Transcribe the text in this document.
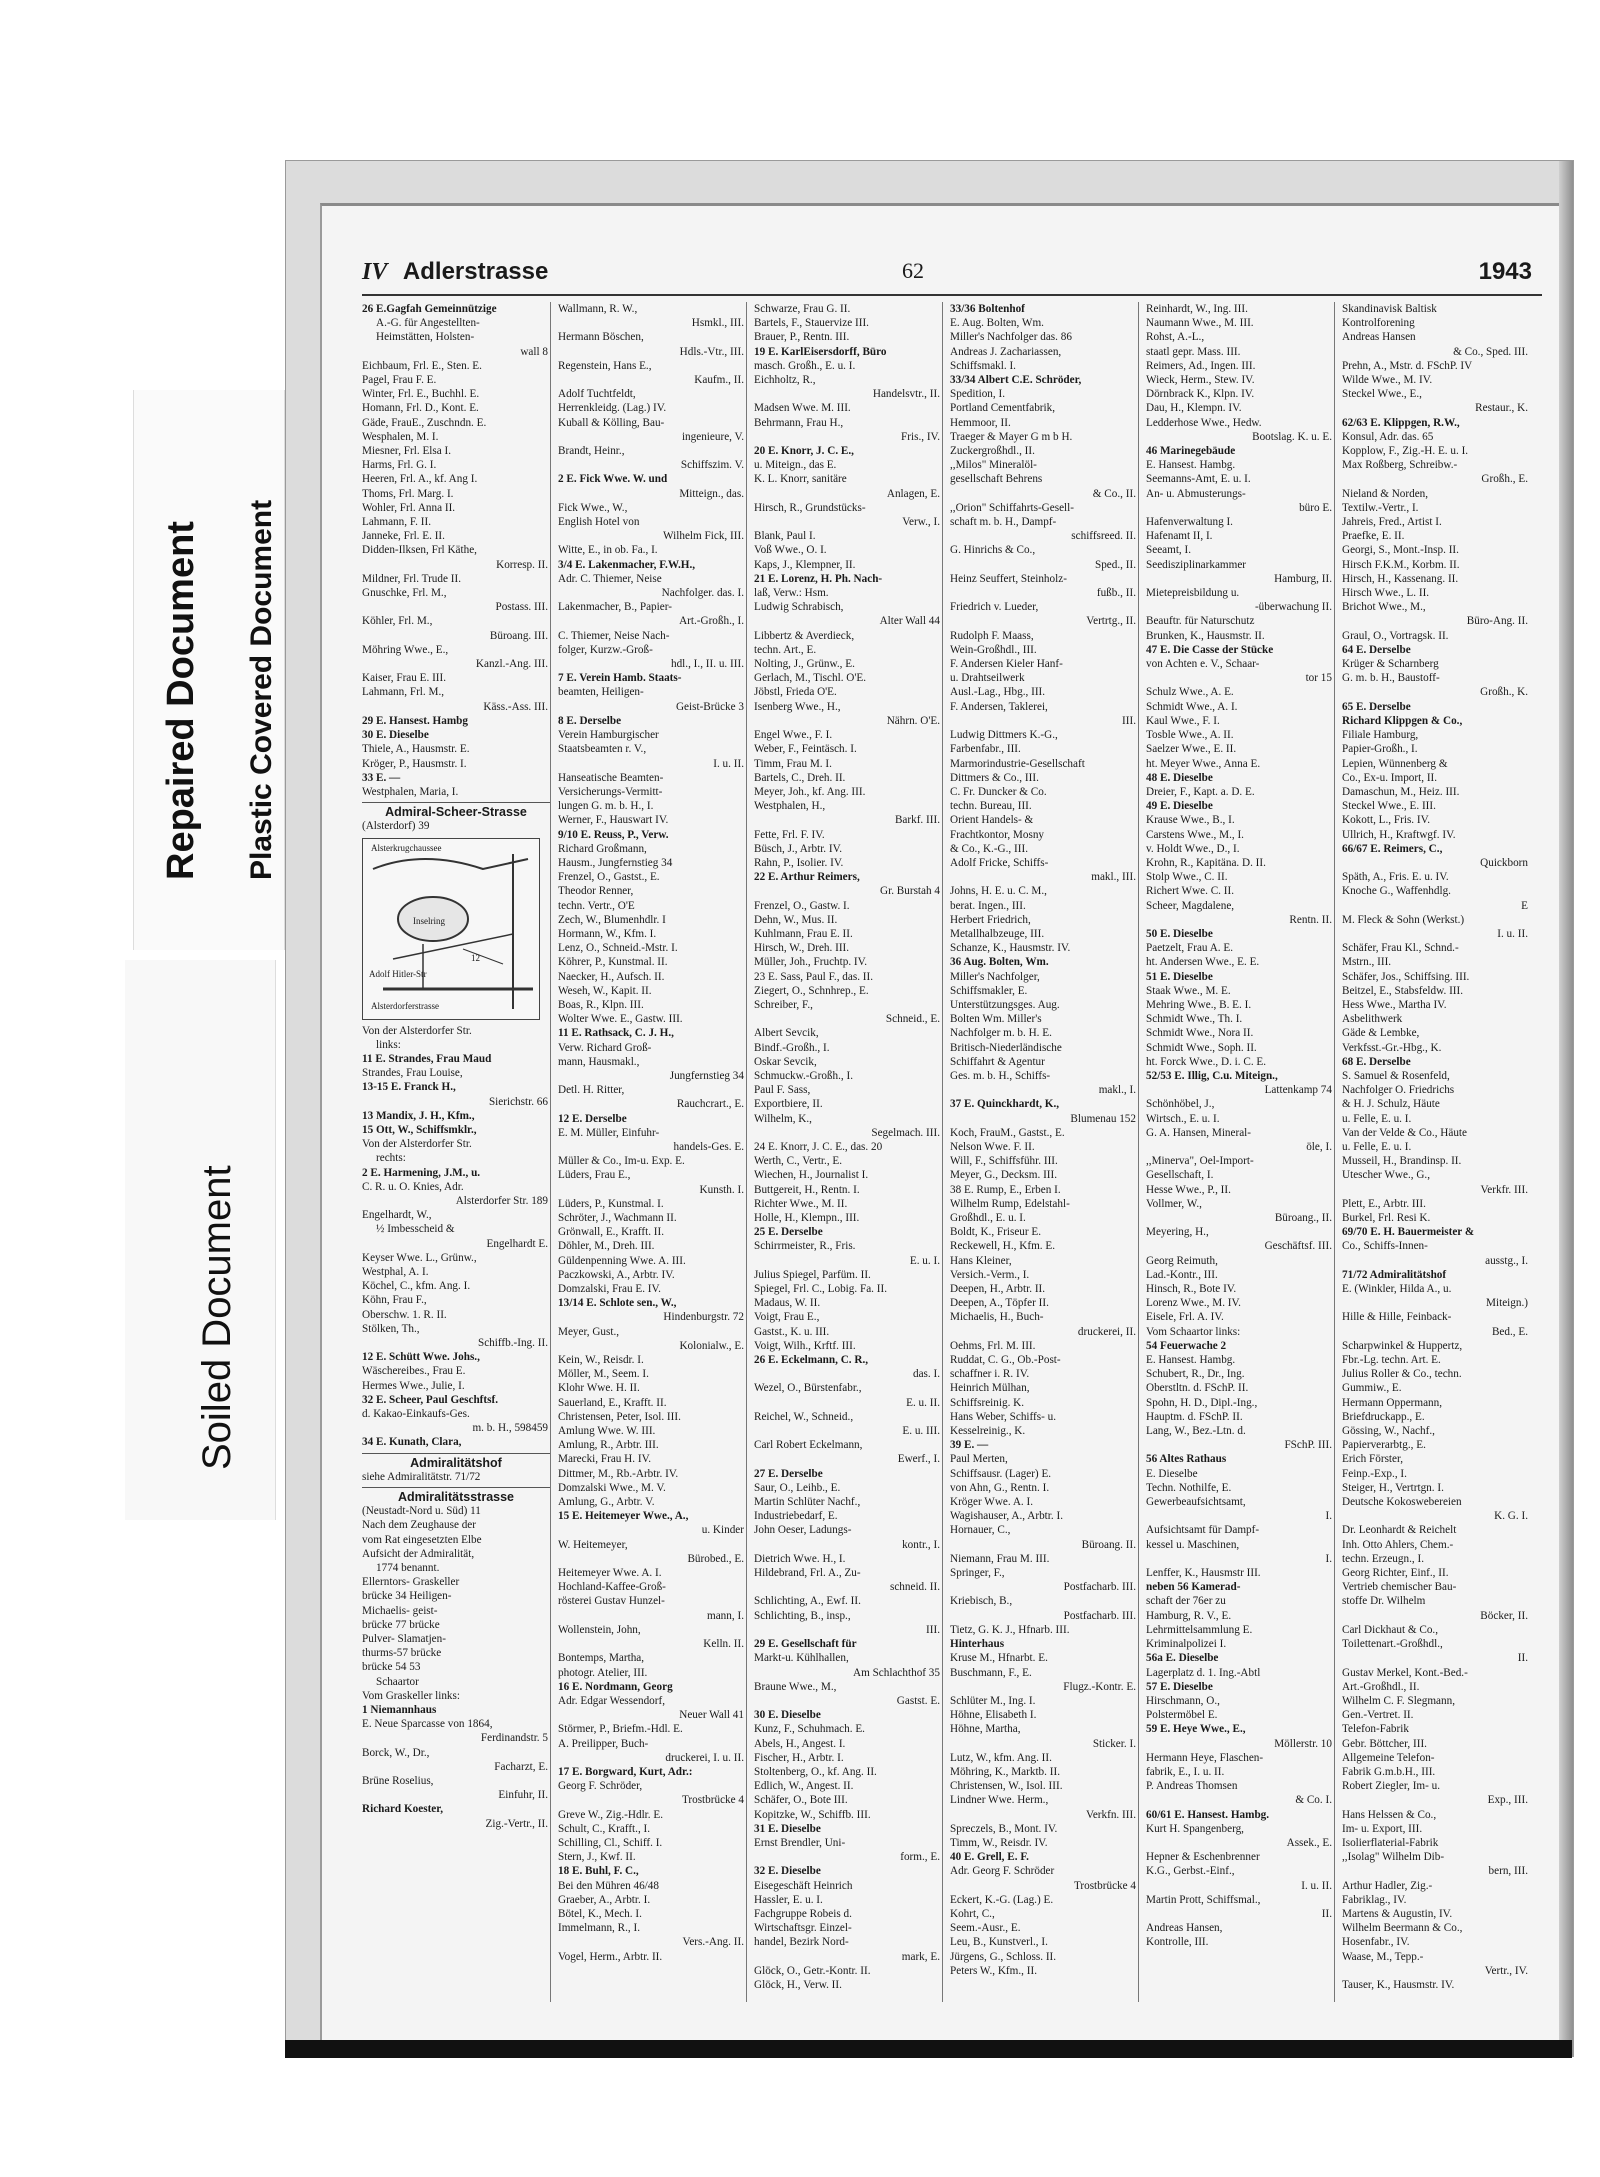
Repaired Document Plastic Covered Document
Soiled Document
IV Adlerstrasse	62	1943
26 E.Gagfah Gemeinnützige
A.-G. für Angestellten-
Heimstätten, Holsten-
wall 8
Eichbaum, Frl. E., Sten. E.
Pagel, Frau F. E.
Winter, Frl. E., Buchhl. E.
Homann, Frl. D., Kont. E.
Gäde, FrauE., Zuschndn. E.
Wesphalen, M. I.
Miesner, Frl. Elsa I.
Harms, Frl. G. I.
Heeren, Frl. A., kf. Ang I.
Thoms, Frl. Marg. I.
Wohler, Frl. Anna II.
Lahmann, F. II.
Janneke, Frl. E. II.
Didden-Ilksen, Frl Käthe,
Korresp. II.
Mildner, Frl. Trude II.
Gnuschke, Frl. M.,
Postass. III.
Köhler, Frl. M.,
Büroang. III.
Möhring Wwe., E.,
Kanzl.-Ang. III.
Kaiser, Frau E. III.
Lahmann, Frl. M.,
Käss.-Ass. III.
29 E. Hansest. Hambg
30 E. Dieselbe
Thiele, A., Hausmstr. E.
Kröger, P., Hausmstr. I.
33 E. —
Westphalen, Maria, I.
Admiral-Scheer-Strasse
(Alsterdorf) 39
Alsterkrugchaussee
Inselring
12
Adolf Hitler-Str
Alsterdorferstrasse
Von der Alsterdorfer Str.
links:
11 E. Strandes, Frau Maud
Strandes, Frau Louise,
13-15 E. Franck H.,
Sierichstr. 66
13 Mandix, J. H., Kfm.,
15 Ott, W., Schiffsmklr.,
Von der Alsterdorfer Str.
rechts:
2 E. Harmening, J.M., u.
C. R. u. O. Knies, Adr.
Alsterdorfer Str. 189
Engelhardt, W.,
½ Imbesscheid &
Engelhardt E.
Keyser Wwe. L., Grünw.,
Westphal, A. I.
Köchel, C., kfm. Ang. I.
Köhn, Frau F.,
Oberschw. 1. R. II.
Stölken, Th.,
Schiffb.-Ing. II.
12 E. Schütt Wwe. Johs.,
Wäschereibes., Frau E.
Hermes Wwe., Julie, I.
32 E. Scheer, Paul Geschftsf.
d. Kakao-Einkaufs-Ges.
m. b. H., 598459
34 E. Kunath, Clara,
Admiralitätshof
siehe Admiralitätstr. 71/72
Admiralitätsstrasse
(Neustadt-Nord u. Süd) 11
Nach dem Zeughause der
vom Rat eingesetzten Elbe
Aufsicht der Admiralität,
1774 benannt.
Ellerntors- Graskeller
brücke 34 Heiligen-
Michaelis- geist-
brücke 77 brücke
Pulver- Slamatjen-
thurms-57 brücke
brücke 54 53
Schaartor
Vom Graskeller links:
1 Niemannhaus
E. Neue Sparcasse von 1864,
Ferdinandstr. 5
Borck, W., Dr.,
Facharzt, E.
Brüne Roselius,
Einfuhr, II.
Richard Koester,
Zig.-Vertr., II.
Wallmann, R. W.,
Hsmkl., III.
Hermann Böschen,
Hdls.-Vtr., III.
Regenstein, Hans E.,
Kaufm., II.
Adolf Tuchtfeldt,
Herrenkleidg. (Lag.) IV.
Kuball & Kölling, Bau-
ingenieure, V.
Brandt, Heinr.,
Schiffszim. V.
2 E. Fick Wwe. W. und
Mitteign., das.
Fick Wwe., W.,
English Hotel von
Wilhelm Fick, III.
Witte, E., in ob. Fa., I.
3/4 E. Lakenmacher, F.W.H.,
Adr. C. Thiemer, Neise
Nachfolger. das. I.
Lakenmacher, B., Papier-
Art.-Großh., I.
C. Thiemer, Neise Nach-
folger, Kurzw.-Groß-
hdl., I., II. u. III.
7 E. Verein Hamb. Staats-
beamten, Heiligen-
Geist-Brücke 3
8 E. Derselbe
Verein Hamburgischer
Staatsbeamten r. V.,
I. u. II.
Hanseatische Beamten-
Versicherungs-Vermitt-
lungen G. m. b. H., I.
Werner, F., Hauswart IV.
9/10 E. Reuss, P., Verw.
Richard Großmann,
Hausm., Jungfernstieg 34
Frenzel, O., Gastst., E.
Theodor Renner,
techn. Vertr., O'E
Zech, W., Blumenhdlr. I
Hormann, W., Kfm. I.
Lenz, O., Schneid.-Mstr. I.
Köhrer, P., Kunstmal. II.
Naecker, H., Aufsch. II.
Weseh, W., Kapit. II.
Boas, R., Klpn. III.
Wolter Wwe. E., Gastw. III.
11 E. Rathsack, C. J. H.,
Verw. Richard Groß-
mann, Hausmakl.,
Jungfernstieg 34
Detl. H. Ritter,
Rauchcrart., E.
12 E. Derselbe
E. M. Müller, Einfuhr-
handels-Ges. E.
Müller & Co., Im-u. Exp. E.
Lüders, Frau E.,
Kunsth. I.
Lüders, P., Kunstmal. I.
Schröter, J., Wachmann II.
Grönwall, E., Krafft. II.
Döhler, M., Dreh. III.
Güldenpenning Wwe. A. III.
Paczkowski, A., Arbtr. IV.
Domzalski, Frau E. IV.
13/14 E. Schlote sen., W.,
Hindenburgstr. 72
Meyer, Gust.,
Kolonialw., E.
Kein, W., Reisdr. I.
Möller, M., Seem. I.
Klohr Wwe. H. II.
Sauerland, E., Krafft. II.
Christensen, Peter, Isol. III.
Amlung Wwe. W. III.
Amlung, R., Arbtr. III.
Marecki, Frau H. IV.
Dittmer, M., Rb.-Arbtr. IV.
Domzalski Wwe., M. V.
Amlung, G., Arbtr. V.
15 E. Heitemeyer Wwe., A.,
u. Kinder
W. Heitemeyer,
Bürobed., E.
Heitemeyer Wwe. A. I.
Hochland-Kaffee-Groß-
rösterei Gustav Hunzel-
mann, I.
Wollenstein, John,
Kelln. II.
Bontemps, Martha,
photogr. Atelier, III.
16 E. Nordmann, Georg
Adr. Edgar Wessendorf,
Neuer Wall 41
Störmer, P., Briefm.-Hdl. E.
A. Preilipper, Buch-
druckerei, I. u. II.
17 E. Borgward, Kurt, Adr.:
Georg F. Schröder,
Trostbrücke 4
Greve W., Zig.-Hdlr. E.
Schult, C., Krafft., I.
Schilling, Cl., Schiff. I.
Stern, J., Kwf. II.
18 E. Buhl, F. C.,
Bei den Mühren 46/48
Graeber, A., Arbtr. I.
Bötel, K., Mech. I.
Immelmann, R., I.
Vers.-Ang. II.
Vogel, Herm., Arbtr. II.
Schwarze, Frau G. II.
Bartels, F., Stauervize III.
Brauer, P., Rentn. III.
19 E. KarlEisersdorff, Büro
masch. Großh., E. u. I.
Eichholtz, R.,
Handelsvtr., II.
Madsen Wwe. M. III.
Behrmann, Frau H.,
Fris., IV.
20 E. Knorr, J. C. E.,
u. Miteign., das E.
K. L. Knorr, sanitäre
Anlagen, E.
Hirsch, R., Grundstücks-
Verw., I.
Blank, Paul I.
Voß Wwe., O. I.
Kaps, J., Klempner, II.
21 E. Lorenz, H. Ph. Nach-
laß, Verw.: Hsm.
Ludwig Schrabisch,
Alter Wall 44
Libbertz & Averdieck,
techn. Art., E.
Nolting, J., Grünw., E.
Gerlach, M., Tischl. O'E.
Jöbstl, Frieda O'E.
Isenberg Wwe., H.,
Nährn. O'E.
Engel Wwe., F. I.
Weber, F., Feintäsch. I.
Timm, Frau M. I.
Bartels, C., Dreh. II.
Meyer, Joh., kf. Ang. III.
Westphalen, H.,
Barkf. III.
Fette, Frl. F. IV.
Büsch, J., Arbtr. IV.
Rahn, P., Isolier. IV.
22 E. Arthur Reimers,
Gr. Burstah 4
Frenzel, O., Gastw. I.
Dehn, W., Mus. II.
Kuhlmann, Frau E. II.
Hirsch, W., Dreh. III.
Müller, Joh., Fruchtp. IV.
23 E. Sass, Paul F., das. II.
Ziegert, O., Schnhrep., E.
Schreiber, F.,
Schneid., E.
Albert Sevcik,
Bindf.-Großh., I.
Oskar Sevcik,
Schmuckw.-Großh., I.
Paul F. Sass,
Exportbiere, II.
Wilhelm, K.,
Segelmach. III.
24 E. Knorr, J. C. E., das. 20
Werth, C., Vertr., E.
Wiechen, H., Journalist I.
Buttgereit, H., Rentn. I.
Richter Wwe., M. II.
Holle, H., Klempn., III.
25 E. Derselbe
Schirrmeister, R., Fris.
E. u. I.
Julius Spiegel, Parfüm. II.
Spiegel, Frl. C., Lobig. Fa. II.
Madaus, W. II.
Voigt, Frau E.,
Gastst., K. u. III.
Voigt, Wilh., Krftf. III.
26 E. Eckelmann, C. R.,
das. I.
Wezel, O., Bürstenfabr.,
E. u. II.
Reichel, W., Schneid.,
E. u. III.
Carl Robert Eckelmann,
Ewerf., I.
27 E. Derselbe
Saur, O., Leihb., E.
Martin Schlüter Nachf.,
Industriebedarf, E.
John Oeser, Ladungs-
kontr., I.
Dietrich Wwe. H., I.
Hildebrand, Frl. A., Zu-
schneid. II.
Schlichting, A., Ewf. II.
Schlichting, B., insp.,
III.
29 E. Gesellschaft für
Markt-u. Kühlhallen,
Am Schlachthof 35
Braune Wwe., M.,
Gastst. E.
30 E. Dieselbe
Kunz, F., Schuhmach. E.
Abels, H., Angest. I.
Fischer, H., Arbtr. I.
Stoltenberg, O., kf. Ang. II.
Edlich, W., Angest. II.
Schäfer, O., Bote III.
Kopitzke, W., Schiffb. III.
31 E. Dieselbe
Ernst Brendler, Uni-
form., E.
32 E. Dieselbe
Eisegeschäft Heinrich
Hassler, E. u. I.
Fachgruppe Robeis d.
Wirtschaftsgr. Einzel-
handel, Bezirk Nord-
mark, E.
Glöck, O., Getr.-Kontr. II.
Glöck, H., Verw. II.
33/36 Boltenhof
E. Aug. Bolten, Wm.
Miller's Nachfolger das. 86
Andreas J. Zachariassen,
Schiffsmakl. I.
33/34 Albert C.E. Schröder,
Spedition, I.
Portland Cementfabrik,
Hemmoor, II.
Traeger & Mayer G m b H.
Zuckergroßhdl., II.
,,Milos" Mineralöl-
gesellschaft Behrens
& Co., II.
,,Orion" Schiffahrts-Gesell-
schaft m. b. H., Dampf-
schiffsreed. II.
G. Hinrichs & Co.,
Sped., II.
Heinz Seuffert, Steinholz-
fußb., II.
Friedrich v. Lueder,
Vertrtg., II.
Rudolph F. Maass,
Wein-Großhdl., III.
F. Andersen Kieler Hanf-
u. Drahtseilwerk
Ausl.-Lag., Hbg., III.
F. Andersen, Taklerei,
III.
Ludwig Dittmers K.-G.,
Farbenfabr., III.
Marmorindustrie-Gesellschaft
Dittmers & Co., III.
C. Fr. Duncker & Co.
techn. Bureau, III.
Orient Handels- &
Frachtkontor, Mosny
& Co., K.-G., III.
Adolf Fricke, Schiffs-
makl., III.
Johns, H. E. u. C. M.,
berat. Ingen., III.
Herbert Friedrich,
Metallhalbzeuge, III.
Schanze, K., Hausmstr. IV.
36 Aug. Bolten, Wm.
Miller's Nachfolger,
Schiffsmakler, E.
Unterstützungsges. Aug.
Bolten Wm. Miller's
Nachfolger m. b. H. E.
Britisch-Niederländische
Schiffahrt & Agentur
Ges. m. b. H., Schiffs-
makl., I.
37 E. Quinckhardt, K.,
Blumenau 152
Koch, FrauM., Gastst., E.
Nelson Wwe. F. II.
Will, F., Schiffsführ. III.
Meyer, G., Decksm. III.
38 E. Rump, E., Erben I.
Wilhelm Rump, Edelstahl-
Großhdl., E. u. I.
Boldt, K., Friseur E.
Reckewell, H., Kfm. E.
Hans Kleiner,
Versich.-Verm., I.
Deepen, H., Arbtr. II.
Deepen, A., Töpfer II.
Michaelis, H., Buch-
druckerei, II.
Oehms, Frl. M. III.
Ruddat, C. G., Ob.-Post-
schaffner i. R. IV.
Heinrich Mülhan,
Schiffsreinig. K.
Hans Weber, Schiffs- u.
Kesselreinig., K.
39 E. —
Paul Merten,
Schiffsausr. (Lager) E.
von Ahn, G., Rentn. I.
Kröger Wwe. A. I.
Wagishauser, A., Arbtr. I.
Hornauer, C.,
Büroang. II.
Niemann, Frau M. III.
Springer, F.,
Postfacharb. III.
Kriebisch, B.,
Postfacharb. III.
Tietz, G. K. J., Hfnarb. III.
Hinterhaus
Kruse M., Hfnarbt. E.
Buschmann, F., E.
Flugz.-Kontr. E.
Schlüter M., Ing. I.
Höhne, Elisabeth I.
Höhne, Martha,
Sticker. I.
Lutz, W., kfm. Ang. II.
Möhring, K., Marktb. II.
Christensen, W., Isol. III.
Lindner Wwe. Herm.,
Verkfn. III.
Spreczels, B., Mont. IV.
Timm, W., Reisdr. IV.
40 E. Grell, E. F.
Adr. Georg F. Schröder
Trostbrücke 4
Eckert, K.-G. (Lag.) E.
Kohrt, C.,
Seem.-Ausr., E.
Leu, B., Kunstverl., I.
Jürgens, G., Schloss. II.
Peters W., Kfm., II.
Reinhardt, W., Ing. III.
Naumann Wwe., M. III.
Rohst, A.-L.,
staatl gepr. Mass. III.
Reimers, Ad., Ingen. III.
Wieck, Herm., Stew. IV.
Dörnbrack K., Klpn. IV.
Dau, H., Klempn. IV.
Ledderhose Wwe., Hedw.
Bootslag. K. u. E.
46 Marinegebäude
E. Hansest. Hambg.
Seemanns-Amt, E. u. I.
An- u. Abmusterungs-
büro E.
Hafenverwaltung I.
Hafenamt II, I.
Seeamt, I.
Seedisziplinarkammer
Hamburg, II.
Mietepreisbildung u.
-überwachung II.
Beauftr. für Naturschutz
Brunken, K., Hausmstr. II.
47 E. Die Casse der Stücke
von Achten e. V., Schaar-
tor 15
Schulz Wwe., A. E.
Schmidt Wwe., A. I.
Kaul Wwe., F. I.
Tosble Wwe., A. II.
Saelzer Wwe., E. II.
ht. Meyer Wwe., Anna E.
48 E. Dieselbe
Dreier, F., Kapt. a. D. E.
49 E. Dieselbe
Krause Wwe., B., I.
Carstens Wwe., M., I.
v. Holdt Wwe., D., I.
Krohn, R., Kapitäna. D. II.
Stolp Wwe., C. II.
Richert Wwe. C. II.
Scheer, Magdalene,
Rentn. II.
50 E. Dieselbe
Paetzelt, Frau A. E.
ht. Andersen Wwe., E. E.
51 E. Dieselbe
Staak Wwe., M. E.
Mehring Wwe., B. E. I.
Schmidt Wwe., Th. I.
Schmidt Wwe., Nora II.
Schmidt Wwe., Soph. II.
ht. Forck Wwe., D. i. C. E.
52/53 E. Illig, C.u. Miteign.,
Lattenkamp 74
Schönhöbel, J.,
Wirtsch., E. u. I.
G. A. Hansen, Mineral-
öle, I.
,,Minerva", Oel-Import-
Gesellschaft, I.
Hesse Wwe., P., II.
Vollmer, W.,
Büroang., II.
Meyering, H.,
Geschäftsf. III.
Georg Reimuth,
Lad.-Kontr., III.
Hinsch, R., Bote IV.
Lorenz Wwe., M. IV.
Eisele, Frl. A. IV.
Vom Schaartor links:
54 Feuerwache 2
E. Hansest. Hambg.
Schubert, R., Dr., Ing.
Oberstltn. d. FSchP. II.
Spohn, H. D., Dipl.-Ing.,
Hauptm. d. FSchP. II.
Lang, W., Bez.-Ltn. d.
FSchP. III.
56 Altes Rathaus
E. Dieselbe
Techn. Nothilfe, E.
Gewerbeaufsichtsamt,
I.
Aufsichtsamt für Dampf-
kessel u. Maschinen,
I.
Lenffer, K., Hausmstr III.
neben 56 Kamerad-
schaft der 76er zu
Hamburg, R. V., E.
Lehrmittelsammlung E.
Kriminalpolizei I.
56a E. Dieselbe
Lagerplatz d. 1. Ing.-Abtl
57 E. Dieselbe
Hirschmann, O.,
Polstermöbel E.
59 E. Heye Wwe., E.,
Möllerstr. 10
Hermann Heye, Flaschen-
fabrik, E., I. u. II.
P. Andreas Thomsen
& Co. I.
60/61 E. Hansest. Hambg.
Kurt H. Spangenberg,
Assek., E.
Hepner & Eschenbrenner
K.G., Gerbst.-Einf.,
I. u. II.
Martin Prott, Schiffsmal.,
II.
Andreas Hansen,
Kontrolle, III.
Skandinavisk Baltisk
Kontrolforening
Andreas Hansen
& Co., Sped. III.
Prehn, A., Mstr. d. FSchP. IV
Wilde Wwe., M. IV.
Steckel Wwe., E.,
Restaur., K.
62/63 E. Klippgen, R.W.,
Konsul, Adr. das. 65
Kopplow, F., Zig.-H. E. u. I.
Max Roßberg, Schreibw.-
Großh., E.
Nieland & Norden,
Textilw.-Vertr., I.
Jahreis, Fred., Artist I.
Praefke, E. II.
Georgi, S., Mont.-Insp. II.
Hirsch F.K.M., Korbm. II.
Hirsch, H., Kassenang. II.
Hirsch Wwe., L. II.
Brichot Wwe., M.,
Büro-Ang. II.
Graul, O., Vortragsk. II.
64 E. Derselbe
Krüger & Scharnberg
G. m. b. H., Baustoff-
Großh., K.
65 E. Derselbe
Richard Klippgen & Co.,
Filiale Hamburg,
Papier-Großh., I.
Lepien, Wünnenberg &
Co., Ex-u. Import, II.
Damaschun, M., Heiz. III.
Steckel Wwe., E. III.
Kokott, L., Fris. IV.
Ullrich, H., Kraftwgf. IV.
66/67 E. Reimers, C.,
Quickborn
Späth, A., Fris. E. u. IV.
Knoche G., Waffenhdlg.
E
M. Fleck & Sohn (Werkst.)
I. u. II.
Schäfer, Frau Kl., Schnd.-
Mstrn., III.
Schäfer, Jos., Schiffsing. III.
Beitzel, E., Stabsfeldw. III.
Hess Wwe., Martha IV.
Asbelithwerk
Gäde & Lembke,
Verkfsst.-Gr.-Hbg., K.
68 E. Derselbe
S. Samuel & Rosenfeld,
Nachfolger O. Friedrichs
& H. J. Schulz, Häute
u. Felle, E. u. I.
Van der Velde & Co., Häute
u. Felle, E. u. I.
Musseil, H., Brandinsp. II.
Utescher Wwe., G.,
Verkfr. III.
Plett, E., Arbtr. III.
Burkel, Frl. Resi K.
69/70 E. H. Bauermeister &
Co., Schiffs-Innen-
ausstg., I.
71/72 Admiralitätshof
E. (Winkler, Hilda A., u.
Miteign.)
Hille & Hille, Feinback-
Bed., E.
Scharpwinkel & Huppertz,
Fbr.-Lg. techn. Art. E.
Julius Roller & Co., techn.
Gummiw., E.
Hermann Oppermann,
Briefdruckapp., E.
Gössing, W., Nachf.,
Papierverarbtg., E.
Erich Förster,
Feinp.-Exp., I.
Steiger, H., Vertrtgn. I.
Deutsche Kokoswebereien
K. G. I.
Dr. Leonhardt & Reichelt
Inh. Otto Ahlers, Chem.-
techn. Erzeugn., I.
Georg Richter, Einf., II.
Vertrieb chemischer Bau-
stoffe Dr. Wilhelm
Böcker, II.
Carl Dickhaut & Co.,
Toilettenart.-Großhdl.,
II.
Gustav Merkel, Kont.-Bed.-
Art.-Großhdl., II.
Wilhelm C. F. Slegmann,
Gen.-Vertret. II.
Telefon-Fabrik
Gebr. Böttcher, III.
Allgemeine Telefon-
Fabrik G.m.b.H., III.
Robert Ziegler, Im- u.
Exp., III.
Hans Helssen & Co.,
Im- u. Export, III.
Isolierflaterial-Fabrik
,,Isolag" Wilhelm Dib-
bern, III.
Arthur Hadler, Zig.-
Fabriklag., IV.
Martens & Augustin, IV.
Wilhelm Beermann & Co.,
Hosenfabr., IV.
Waase, M., Tepp.-
Vertr., IV.
Tauser, K., Hausmstr. IV.
